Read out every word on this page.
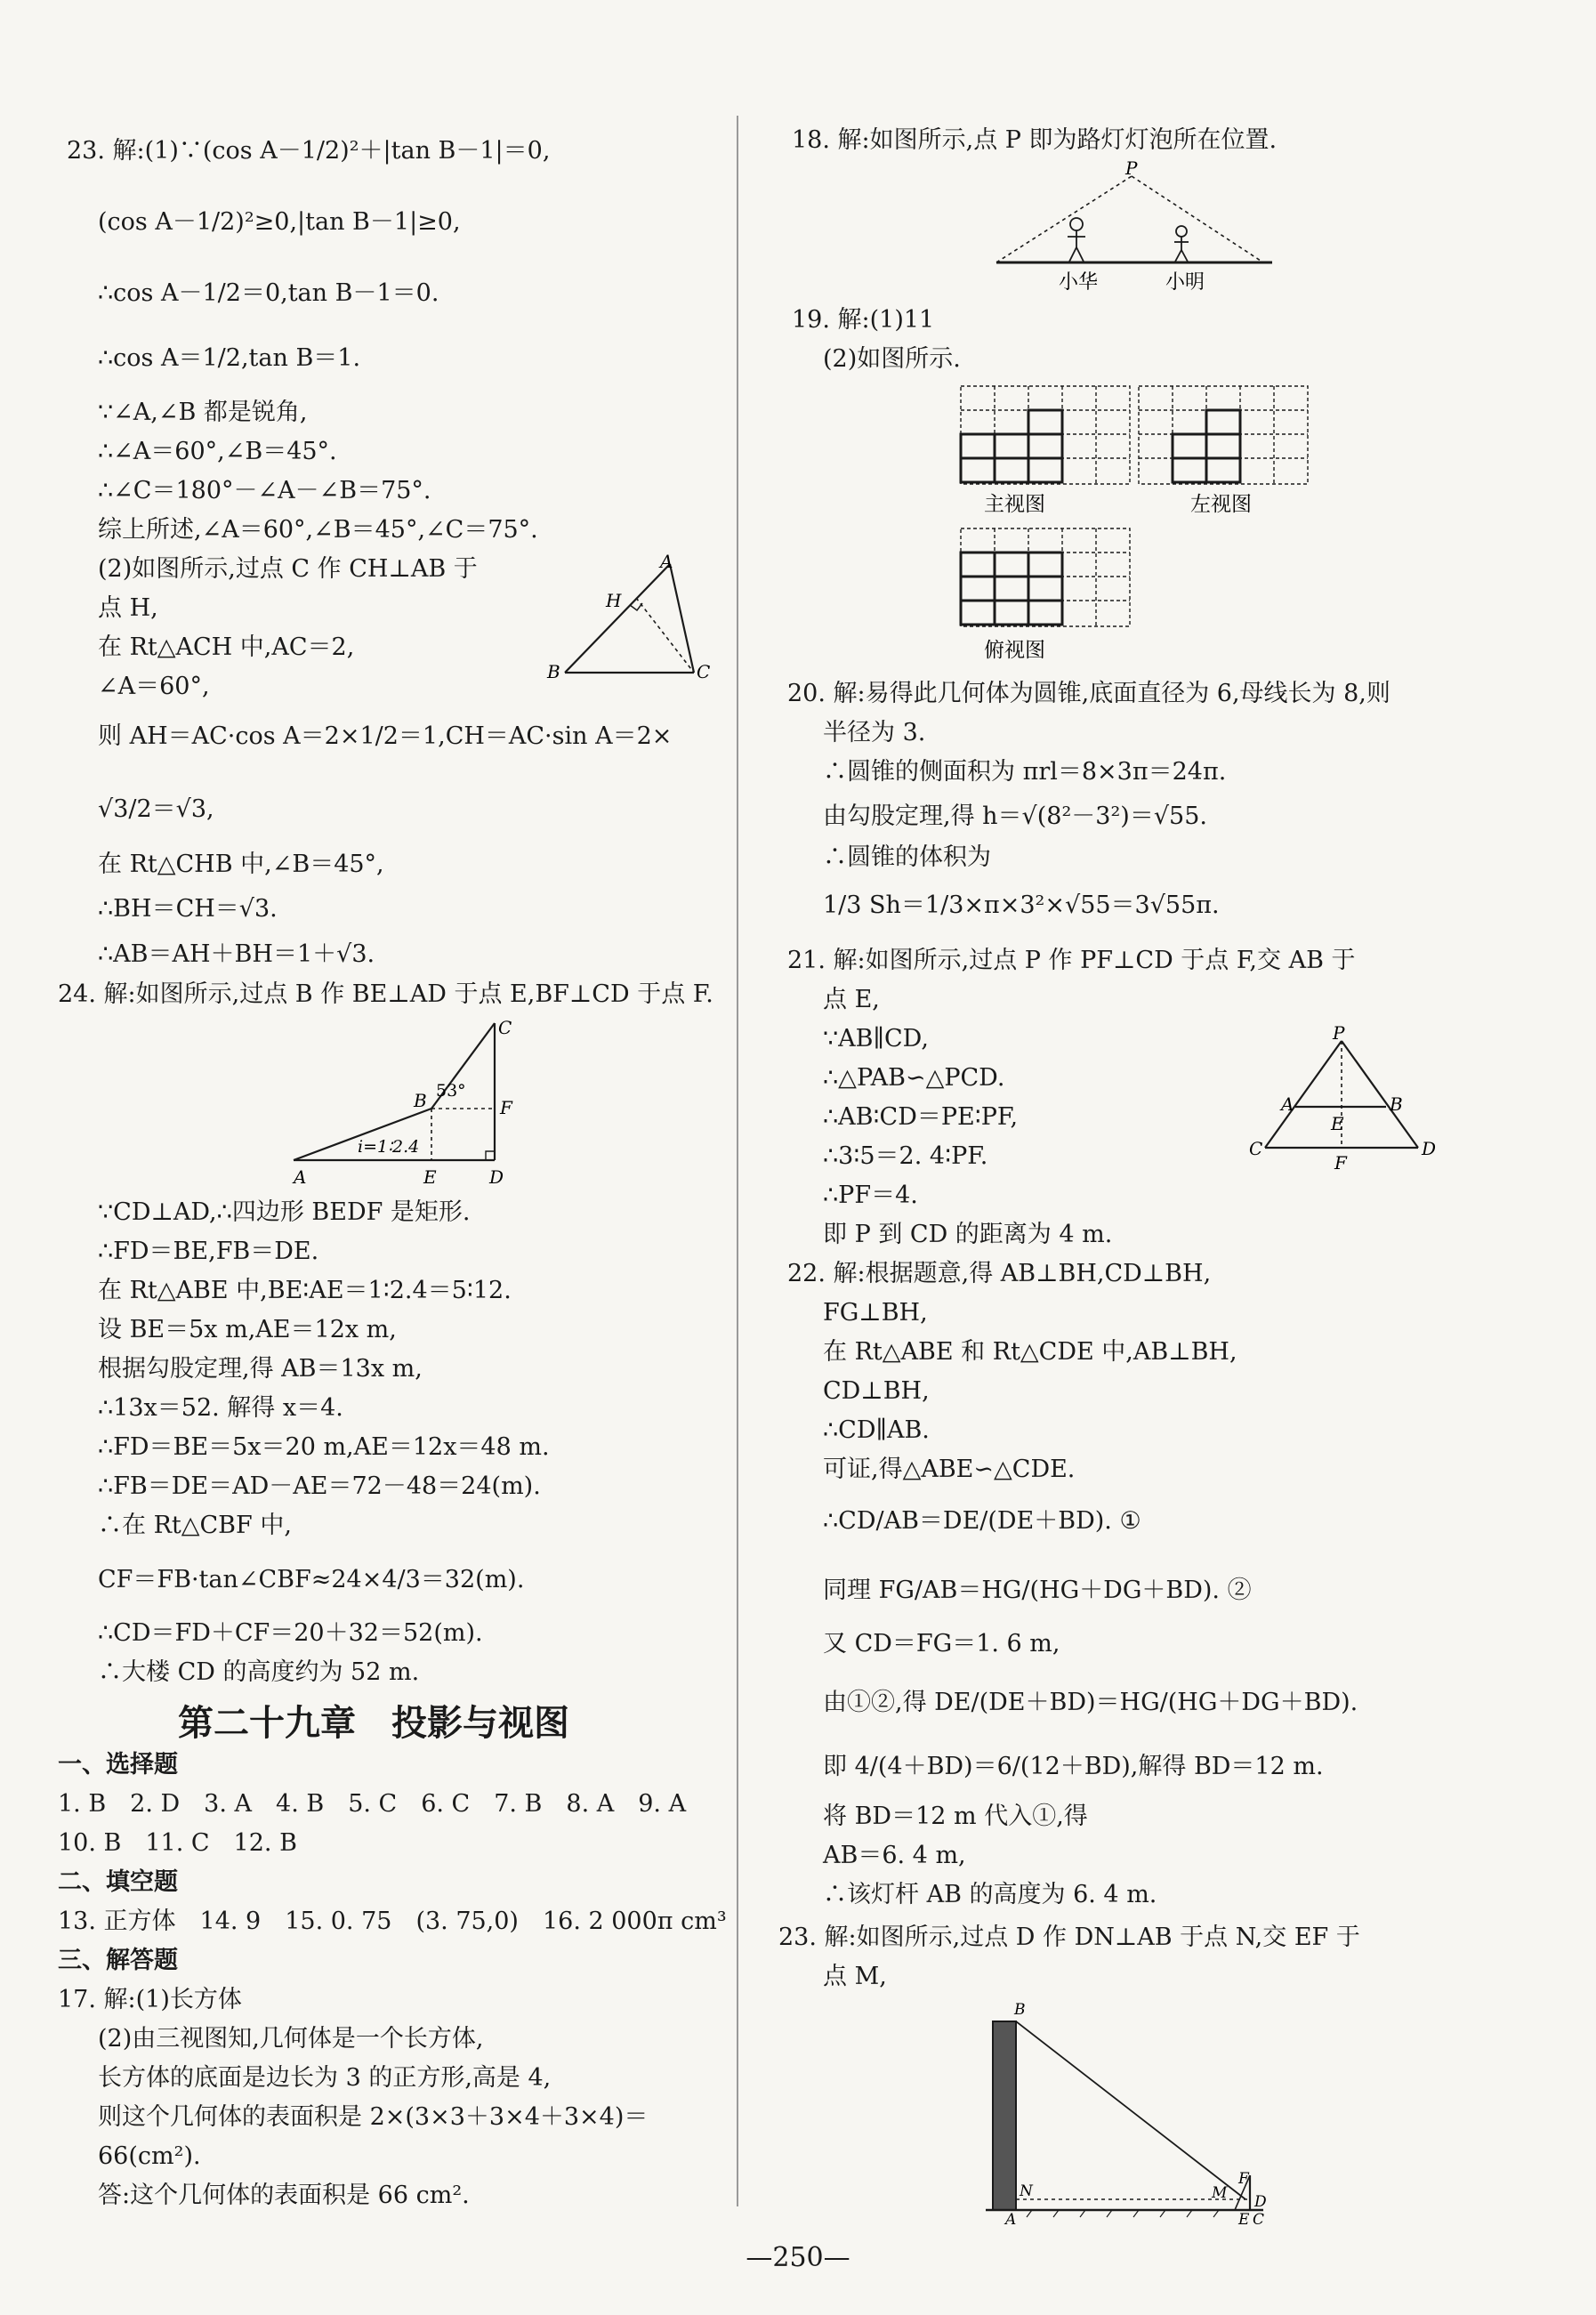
23. 解:(1)∵(cos A－1/2)²＋|tan B－1|＝0,
(cos A－1/2)²≥0,|tan B－1|≥0,
∴cos A－1/2＝0,tan B－1＝0.
∴cos A＝1/2,tan B＝1.
∵∠A,∠B 都是锐角,
∴∠A＝60°,∠B＝45°.
∴∠C＝180°－∠A－∠B＝75°.
综上所述,∠A＝60°,∠B＝45°,∠C＝75°.
(2)如图所示,过点 C 作 CH⊥AB 于
点 H,
在 Rt△ACH 中,AC＝2,
∠A＝60°,
A
H
B	C
则 AH＝AC·cos A＝2×1/2＝1,CH＝AC·sin A＝2×
√3/2＝√3,
在 Rt△CHB 中,∠B＝45°,
∴BH＝CH＝√3.
∴AB＝AH＋BH＝1＋√3.
24. 解:如图所示,过点 B 作 BE⊥AD 于点 E,BF⊥CD 于点 F.
C
B 53°
F
i=1∶2.4
A	E	D
∵CD⊥AD,∴四边形 BEDF 是矩形.
∴FD＝BE,FB＝DE.
在 Rt△ABE 中,BE∶AE＝1∶2.4＝5∶12.
设 BE＝5x m,AE＝12x m,
根据勾股定理,得 AB＝13x m,
∴13x＝52. 解得 x＝4.
∴FD＝BE＝5x＝20 m,AE＝12x＝48 m.
∴FB＝DE＝AD－AE＝72－48＝24(m).
∴在 Rt△CBF 中,
CF＝FB·tan∠CBF≈24×4/3＝32(m).
∴CD＝FD＋CF＝20＋32＝52(m).
∴大楼 CD 的高度约为 52 m.
第二十九章　投影与视图
一、选择题
1. B　2. D　3. A　4. B　5. C　6. C　7. B　8. A　9. A
10. B　11. C　12. B
二、填空题
13. 正方体　14. 9　15. 0. 75　(3. 75,0)　16. 2 000π cm³
三、解答题
17. 解:(1)长方体
(2)由三视图知,几何体是一个长方体,
长方体的底面是边长为 3 的正方形,高是 4,
则这个几何体的表面积是 2×(3×3＋3×4＋3×4)＝
66(cm²).
答:这个几何体的表面积是 66 cm².
18. 解:如图所示,点 P 即为路灯灯泡所在位置.
P
小华	小明
19. 解:(1)11
(2)如图所示.
主视图	左视图
俯视图
20. 解:易得此几何体为圆锥,底面直径为 6,母线长为 8,则
半径为 3.
∴圆锥的侧面积为 πrl＝8×3π＝24π.
由勾股定理,得 h＝√(8²－3²)＝√55.
∴圆锥的体积为
1/3 Sh＝1/3×π×3²×√55＝3√55π.
21. 解:如图所示,过点 P 作 PF⊥CD 于点 F,交 AB 于
点 E,
∵AB∥CD,
∴△PAB∽△PCD.
∴AB∶CD＝PE∶PF,
∴3∶5＝2. 4∶PF.
∴PF＝4.
即 P 到 CD 的距离为 4 m.
P
A	B
E
C	D
F
22. 解:根据题意,得 AB⊥BH,CD⊥BH,
FG⊥BH,
在 Rt△ABE 和 Rt△CDE 中,AB⊥BH,
CD⊥BH,
∴CD∥AB.
可证,得△ABE∽△CDE.
∴CD/AB＝DE/(DE＋BD). ①
同理 FG/AB＝HG/(HG＋DG＋BD). ②
又 CD＝FG＝1. 6 m,
由①②,得 DE/(DE＋BD)＝HG/(HG＋DG＋BD).
即 4/(4＋BD)＝6/(12＋BD),解得 BD＝12 m.
将 BD＝12 m 代入①,得
AB＝6. 4 m,
∴该灯杆 AB 的高度为 6. 4 m.
23. 解:如图所示,过点 D 作 DN⊥AB 于点 N,交 EF 于
点 M,
B
N	M
F
D
A	E C
—250—
